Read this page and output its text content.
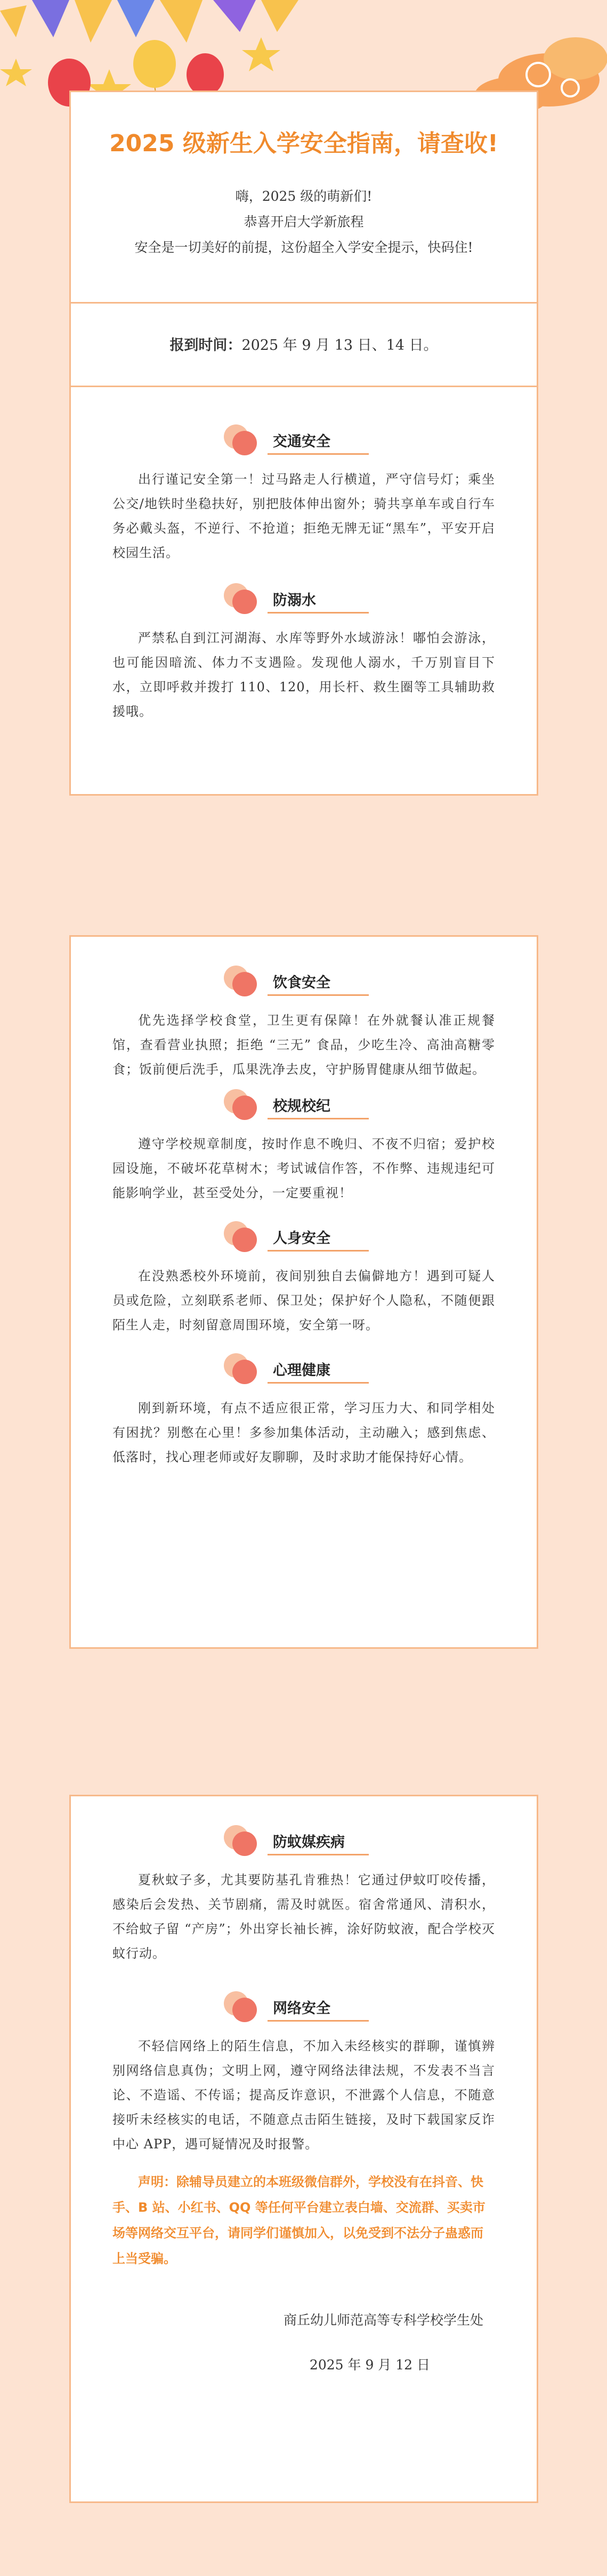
2025 级新生入学安全指南，请查收!
嗨，2025 级的萌新们!
恭喜开启大学新旅程
安全是一切美好的前提，这份超全入学安全提示，快码住!
报到时间：2025 年 9 月 13 日、14 日。
交通安全

出行谨记安全第一！过马路走人行横道，严守信号灯；乘坐公交/地铁时坐稳扶好，别把肢体伸出窗外；骑共享单车或自行车务必戴头盔，不逆行、不抢道；拒绝无牌无证“黑车”，平安开启校园生活。

防溺水

严禁私自到江河湖海、水库等野外水域游泳！嘟怕会游泳，也可能因暗流、体力不支遇险。发现他人溺水，千万别盲目下水，立即呼救并拨打 110、120，用长杆、救生圈等工具辅助救援哦。

饮食安全

优先选择学校食堂，卫生更有保障！在外就餐认准正规餐馆，查看营业执照；拒绝 “三无” 食品，少吃生冷、高油高糖零食；饭前便后洗手，瓜果洗净去皮，守护肠胃健康从细节做起。

校规校纪

遵守学校规章制度，按时作息不晚归、不夜不归宿；爱护校园设施，不破坏花草树木；考试诚信作答，不作弊、违规违纪可能影响学业，甚至受处分，一定要重视！

人身安全

在没熟悉校外环境前，夜间别独自去偏僻地方！遇到可疑人员或危险，立刻联系老师、保卫处；保护好个人隐私，不随便跟陌生人走，时刻留意周围环境，安全第一呀。

心理健康

刚到新环境，有点不适应很正常，学习压力大、和同学相处有困扰？别憋在心里！多参加集体活动，主动融入；感到焦虑、低落时，找心理老师或好友聊聊，及时求助才能保持好心情。

防蚊媒疾病

夏秋蚊子多，尤其要防基孔肯雅热！它通过伊蚊叮咬传播，感染后会发热、关节剧痛，需及时就医。宿舍常通风、清积水，不给蚊子留 “产房”；外出穿长袖长裤，涂好防蚊液，配合学校灭蚊行动。

网络安全

不轻信网络上的陌生信息，不加入未经核实的群聊，谨慎辨别网络信息真伪；文明上网，遵守网络法律法规，不发表不当言论、不造谣、不传谣；提高反诈意识，不泄露个人信息，不随意接听未经核实的电话，不随意点击陌生链接，及时下载国家反诈中心 APP，遇可疑情况及时报警。

声明：除辅导员建立的本班级微信群外，学校没有在抖音、快手、B 站、小红书、QQ 等任何平台建立表白墙、交流群、买卖市场等网络交互平台，请同学们谨慎加入，以免受到不法分子蛊惑而上当受骗。

商丘幼儿师范高等专科学校学生处
2025 年 9 月 12 日
